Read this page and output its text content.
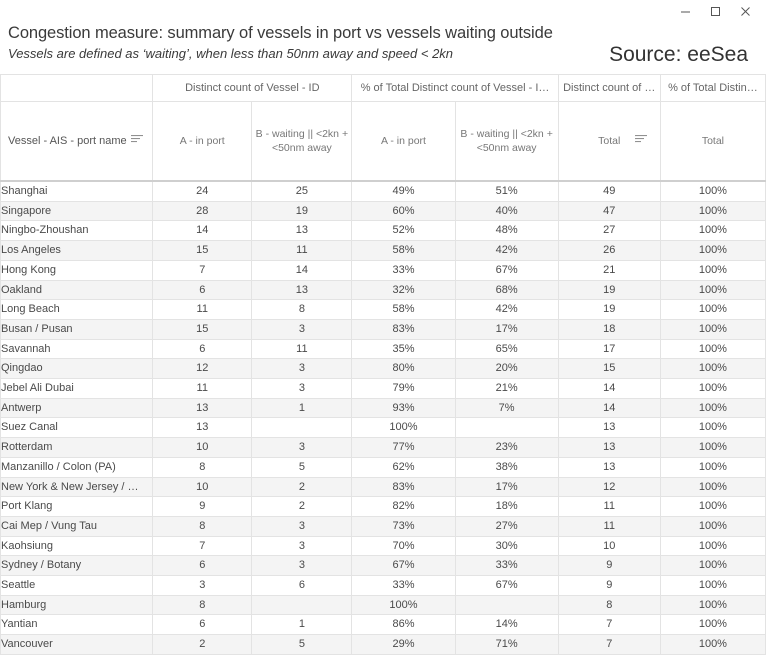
Congestion measure: summary of vessels in port vs vessels waiting outside
Vessels are defined as ‘waiting’, when less than 50nm away and speed < 2kn	Source: eeSea
	Distinct count of Vessel - ID		% of Total Distinct count of Vessel - I…		Distinct count of …	% of Total Distin…
Vessel - AIS - port name	A - in port	B - waiting || <2kn + <50nm away	A - in port	B - waiting || <2kn + <50nm away	Total	Total
Shanghai	24	25	49%	51%	49	100%
Singapore	28	19	60%	40%	47	100%
Ningbo-Zhoushan	14	13	52%	48%	27	100%
Los Angeles	15	11	58%	42%	26	100%
Hong Kong	7	14	33%	67%	21	100%
Oakland	6	13	32%	68%	19	100%
Long Beach	11	8	58%	42%	19	100%
Busan / Pusan	15	3	83%	17%	18	100%
Savannah	6	11	35%	65%	17	100%
Qingdao	12	3	80%	20%	15	100%
Jebel Ali Dubai	11	3	79%	21%	14	100%
Antwerp	13	1	93%	7%	14	100%
Suez Canal	13		100%		13	100%
Rotterdam	10	3	77%	23%	13	100%
Manzanillo / Colon (PA)	8	5	62%	38%	13	100%
New York & New Jersey / …	10	2	83%	17%	12	100%
Port Klang	9	2	82%	18%	11	100%
Cai Mep / Vung Tau	8	3	73%	27%	11	100%
Kaohsiung	7	3	70%	30%	10	100%
Sydney / Botany	6	3	67%	33%	9	100%
Seattle	3	6	33%	67%	9	100%
Hamburg	8		100%		8	100%
Yantian	6	1	86%	14%	7	100%
Vancouver	2	5	29%	71%	7	100%
